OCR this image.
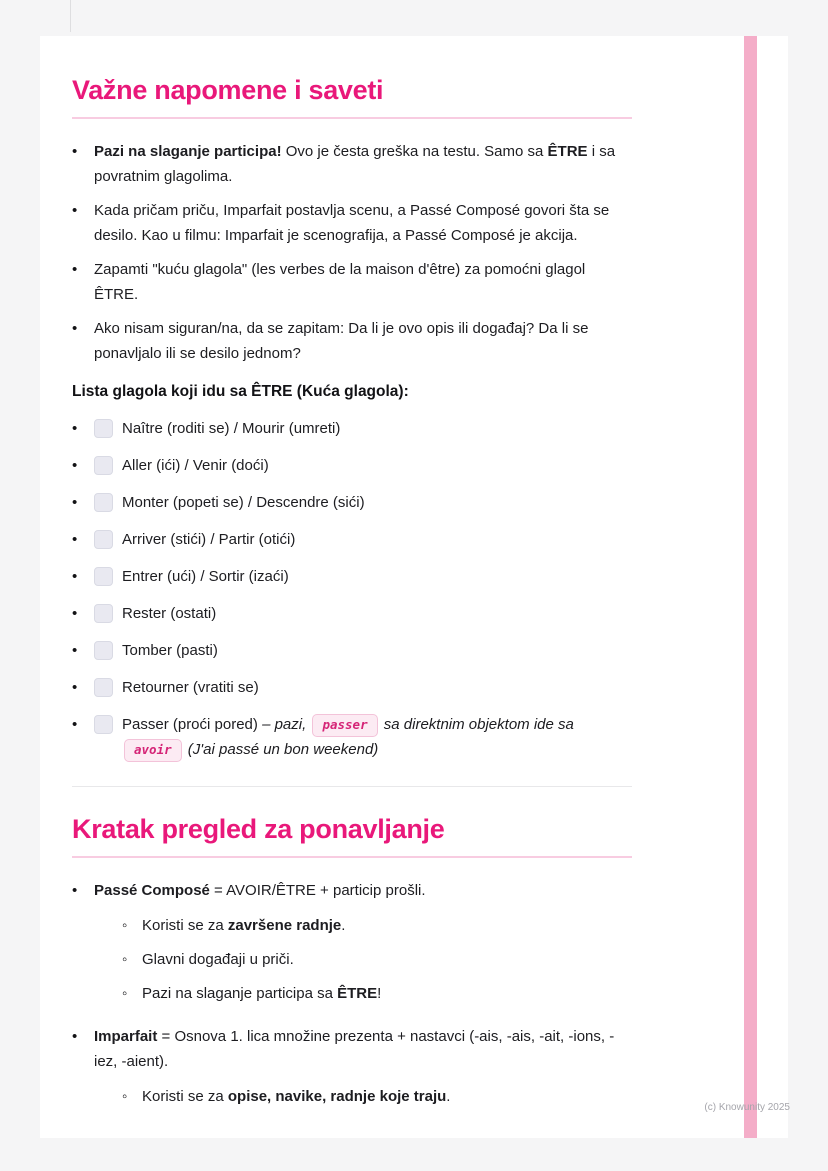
Važne napomene i saveti
•	Pazi na slaganje participa! Ovo je česta greška na testu. Samo sa ÊTRE i sa povratnim glagolima.

•	Kada pričam priču, Imparfait postavlja scenu, a Passé Composé govori šta se desilo. Kao u filmu: Imparfait je scenografija, a Passé Composé je akcija.

•	Zapamti "kuću glagola" (les verbes de la maison d'être) za pomoćni glagol ÊTRE.

•	Ako nisam siguran/na, da se zapitam: Da li je ovo opis ili događaj? Da li se ponavljalo ili se desilo jednom?

Lista glagola koji idu sa ÊTRE (Kuća glagola):

•	Naître (roditi se) / Mourir (umreti)

•	Aller (ići) / Venir (doći)

•	Monter (popeti se) / Descendre (sići)

•	Arriver (stići) / Partir (otići)

•	Entrer (ući) / Sortir (izaći)

•	Rester (ostati)

•	Tomber (pasti)

•	Retourner (vratiti se)

•	Passer (proći pored) – pazi, passer sa direktnim objektom ide sa avoir (J'ai passé un bon weekend)

Kratak pregled za ponavljanje
•	Passé Composé = AVOIR/ÊTRE + particip prošli.

◦ Koristi se za završene radnje.

◦ Glavni događaji u priči.

◦ Pazi na slaganje participa sa ÊTRE!

•	Imparfait = Osnova 1. lica množine prezenta + nastavci (-ais, -ais, -ait, -ions, -iez, -aient).

◦ Koristi se za opise, navike, radnje koje traju.

(c) Knowunity 2025
